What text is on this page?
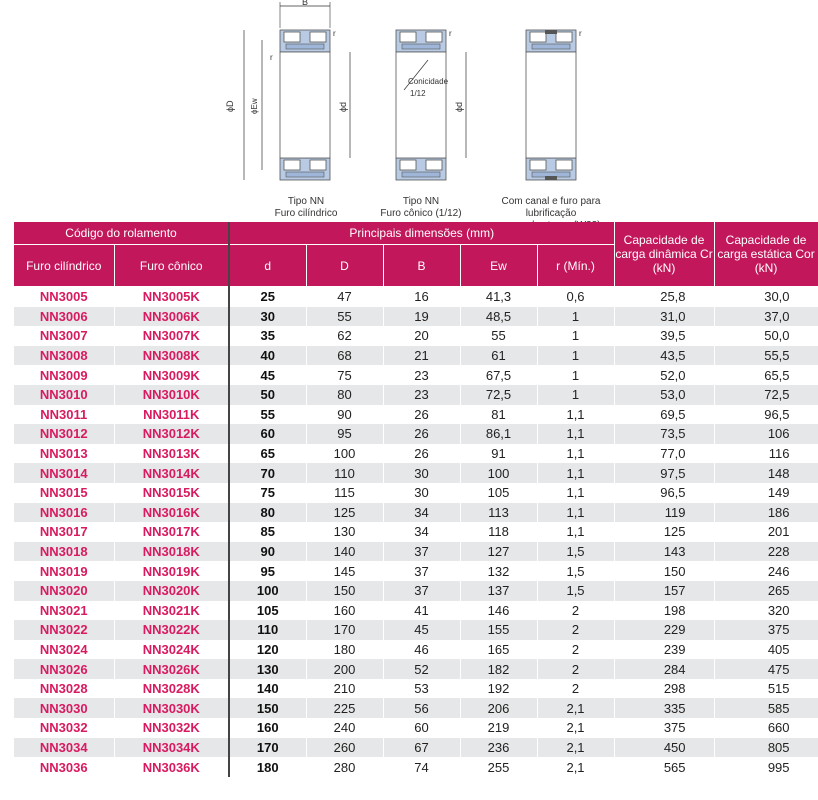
B
ϕD ϕEw	ϕd
r
r
ϕd
r
Conicidade
1/12
r
Tipo NN
Furo cilíndrico
Tipo NN
Furo cônico (1/12)
Com canal e furo para lubrificação
Código do rolamento		Principais dimensões (mm)					Capacidade de carga dinâmica Cr (kN)	Capacidade de carga estática Cor (kN)
Furo cilíndrico	Furo cônico	d	D	B	Ew	r (Mín.)		
NN3005	NN3005K	25	47	16	41,3	0,6	25,8	30,0
NN3006	NN3006K	30	55	19	48,5	1	31,0	37,0
NN3007	NN3007K	35	62	20	55	1	39,5	50,0
NN3008	NN3008K	40	68	21	61	1	43,5	55,5
NN3009	NN3009K	45	75	23	67,5	1	52,0	65,5
NN3010	NN3010K	50	80	23	72,5	1	53,0	72,5
NN3011	NN3011K	55	90	26	81	1,1	69,5	96,5
NN3012	NN3012K	60	95	26	86,1	1,1	73,5	106
NN3013	NN3013K	65	100	26	91	1,1	77,0	116
NN3014	NN3014K	70	110	30	100	1,1	97,5	148
NN3015	NN3015K	75	115	30	105	1,1	96,5	149
NN3016	NN3016K	80	125	34	113	1,1	119	186
NN3017	NN3017K	85	130	34	118	1,1	125	201
NN3018	NN3018K	90	140	37	127	1,5	143	228
NN3019	NN3019K	95	145	37	132	1,5	150	246
NN3020	NN3020K	100	150	37	137	1,5	157	265
NN3021	NN3021K	105	160	41	146	2	198	320
NN3022	NN3022K	110	170	45	155	2	229	375
NN3024	NN3024K	120	180	46	165	2	239	405
NN3026	NN3026K	130	200	52	182	2	284	475
NN3028	NN3028K	140	210	53	192	2	298	515
NN3030	NN3030K	150	225	56	206	2,1	335	585
NN3032	NN3032K	160	240	60	219	2,1	375	660
NN3034	NN3034K	170	260	67	236	2,1	450	805
NN3036	NN3036K	180	280	74	255	2,1	565	995
